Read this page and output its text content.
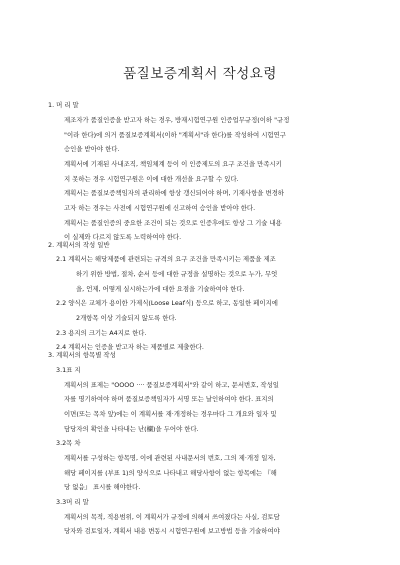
품질보증계획서 작성요령
1. 머 리 말
제조자가 품질인증을 받고자 하는 경우, 방재시험연구원 인증업무규정(이하 "규정
"이라 한다)에 의거 품질보증계획서(이하 "계획서"라 한다)를 작성하여 시험연구
승인을 받아야 한다.
계획서에 기재된 사내조직, 책임체계 등이 이 인증제도의 요구 조건을 만족시키
지 못하는 경우 시험연구원은 이에 대한 개선을 요구할 수 있다.
계획서는 품질보증책임자의 관리하에 항상 갱신되어야 하며, 기재사항을 변경하
고자 하는 경우는 사전에 시험연구원에 신고하여 승인을 받아야 한다.
계획서는 품질인증의 중요한 조건이 되는 것으로 인증후에도 항상 그 기술 내용
이 실제와 다르지 않도록 노력하여야 한다.
2. 계획서의 작성 일반
2.1 계획서는 해당제품에 관련되는 규격의 요구 조건을 만족시키는 제품을 제조
하기 위한 방법, 절차, 순서 등에 대한 규정을 설명하는 것으로 누가, 무엇
을, 언제, 어떻게 실시하는가에 대한 요점을 기술하여야 한다.
2.2 양식은 교체가 용이한 가제식(Loose Leaf식) 등으로 하고, 동일한 페이지에
2개항목 이상 기술되지 않도록 한다.
2.3 용지의 크기는 A4지로 한다.
2.4 계획서는 인증을 받고자 하는 제품별로 제출한다.
3. 계획서의 항목별 작성
3.1표 지
계획서의 표제는 "OOOO ···· 품질보증계획서"와 같이 하고, 문서번호, 작성일
자를 명기하여야 하며 품질보증책임자가 서명 또는 날인하여야 한다. 표지의
이면(또는 목차 앞)에는 이 계획서를 재·개정하는 경우마다 그 개요와 일자 및
담당자의 확인을 나타내는 난(欄)을 두어야 한다.
3.2목 차
계획서를 구성하는 항목명, 이에 관련된 사내문서의 번호, 그의 제·개정 일자,
해당 페이지를 (부표 1)의 양식으로 나타내고 해당사항이 없는 항목에는 『해
당 없음』 표시를 해야한다.
3.3머 리 말
계획서의 목적, 적용범위, 이 계획서가 규정에 의해서 쓰여졌다는 사실, 검토담
당자와 검토일자, 계획서 내용 변동시 시험연구원에 보고방법 등을 기술하여야
